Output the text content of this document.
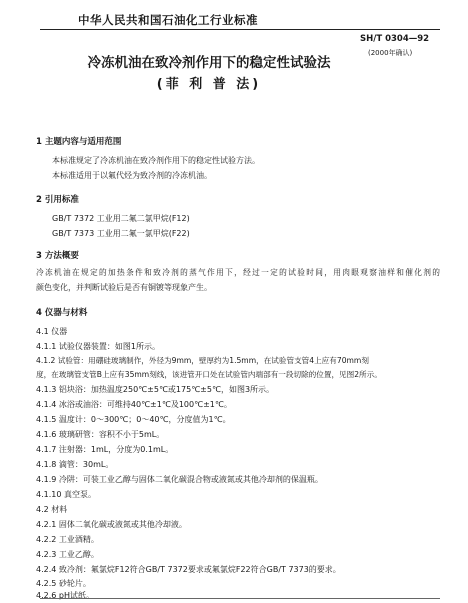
中华人民共和国石油化工行业标准
SH/T 0304—92
(2000年确认)
冷冻机油在致冷剂作用下的稳定性试验法
(菲 利 普 法)
1 主题内容与适用范围
本标准规定了冷冻机油在致冷剂作用下的稳定性试验方法。
本标准适用于以氟代烃为致冷剂的冷冻机油。
2 引用标准
GB/T 7372 工业用二氟二氯甲烷(F12)
GB/T 7373 工业用二氟一氯甲烷(F22)
3 方法概要
冷冻机油在规定的加热条件和致冷剂的蒸气作用下，经过一定的试验时间，用肉眼观察油样和催化剂的
颜色变化，并判断试验后是否有铜镀等现象产生。
4 仪器与材料
4.1 仪器
4.1.1 试验仪器装置：如图1所示。
4.1.2 试验管：用硼硅玻璃制作，外径为9mm，壁厚约为1.5mm，在试验管支管4上应有70mm刻
度，在玻璃管支管B上应有35mm刻线，该进管开口处在试验管内端部有一段切除的位置，见图2所示。
4.1.3 铝块浴：加热温度250℃±5℃或175℃±5℃，如图3所示。
4.1.4 冰浴或油浴：可维持40℃±1℃及100℃±1℃。
4.1.5 温度计：0～300℃；0～40℃，分度值为1℃。
4.1.6 玻璃研管：容积不小于5mL。
4.1.7 注射器：1mL，分度为0.1mL。
4.1.8 滴管：30mL。
4.1.9 冷阱：可装工业乙醇与固体二氧化碳混合物或液氮或其他冷却剂的保温瓶。
4.1.10 真空泵。
4.2 材料
4.2.1 固体二氧化碳或液氮或其他冷却液。
4.2.2 工业酒精。
4.2.3 工业乙醇。
4.2.4 致冷剂：氟氯烷F12符合GB/T 7372要求或氟氯烷F22符合GB/T 7373的要求。
4.2.5 砂轮片。
4.2.6 pH试纸。
